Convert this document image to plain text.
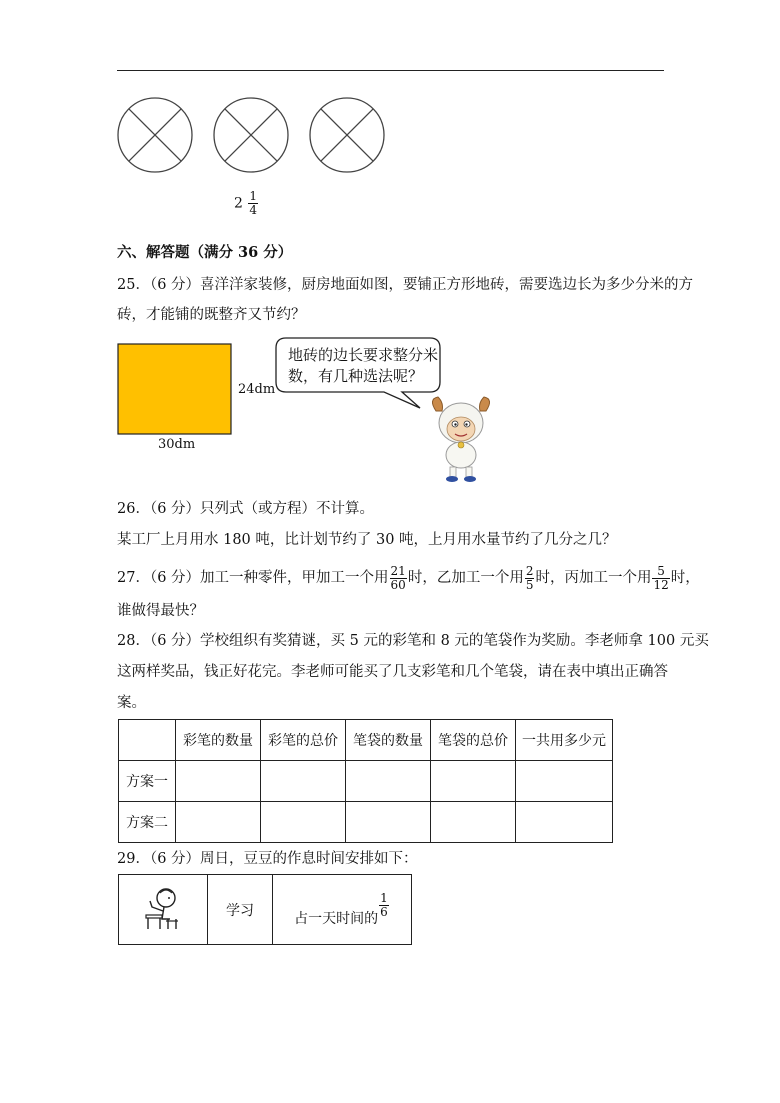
$2 \frac{1}{4}$
六、解答题（满分 36 分）
25．（6 分）喜洋洋家装修，厨房地面如图，要铺正方形地砖，需要选边长为多少分米的方
砖，才能铺的既整齐又节约？
24dm
30dm
地砖的边长要求整分米
数，有几种选法呢？
26．（6 分）只列式（或方程）不计算。
某工厂上月用水 180 吨，比计划节约了 30 吨，上月用水量节约了几分之几？
27．（6 分）加工一种零件，甲加工一个用 $\frac{21}{60}$ 时，乙加工一个用 $\frac{2}{5}$ 时，丙加工一个用 $\frac{5}{12}$ 时，
谁做得最快？
28．（6 分）学校组织有奖猜谜，买 5 元的彩笔和 8 元的笔袋作为奖励。李老师拿 100 元买
这两样奖品，钱正好花完。李老师可能买了几支彩笔和几个笔袋，请在表中填出正确答
案。
	彩笔的数量	彩笔的总价	笔袋的数量	笔袋的总价	一共用多少元
方案一					
方案二					
29．（6 分）周日，豆豆的作息时间安排如下：
	学习	占一天时间的 $\frac{1}{6}$
